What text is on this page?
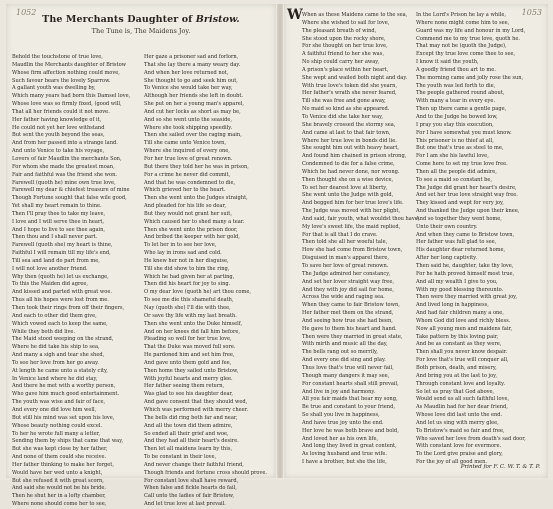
1052
The Merchants Daughter of Bristow.
The Tune is, The Maidens Joy.
Behold the touchstone of true love,
Maudlin the Merchants daughter of Bristow
Whose firm affection nothing could move,
Such favour bears the lovely Sparrow.
A gallant youth was dwelling by,
Which many years had born this Damsel love,
Whose love was so firmly fixed, (good will,
That all her friends could it not move.
Her father having knowledge of it,
He could not yet her love withstand
But sent the youth beyond the seas,
And from her passed into a strange land.
And unto Venice to take his voyage,
Lovers of fair Maudlin the merchants Son,
For whom she made the greatest moan,
Fair and faithful was the friend she won.
Farewell (quoth he) mine own true love,
Farewell my dear & chiefest treasure of mine
Though Fortune sought that false wile good,
Yet shall my heart remain to thine.
Then I'll pray thee to take my leave,
I love and I will serve thee in heart,
And I hope to live to see thee again,
Then thou and I shall never part.
Farewell (quoth she) my heart is thine,
Faithful I will remain till my life's end,
Till sea and land do part from me,
I will not love another friend.
Why then (quoth he) let us exchange,
To this the Maiden did agree,
And kissed and parted with great woe.
Thus all his hopes were lost from me.
Then took their rings from off their fingers,
And each to other did them give,
Which vowed each to keep the same,
While they both did live.
The Maid stood weeping on the strand,
Where he did take his ship to sea,
And many a sigh and tear she shed,
To see her love from her go away.
At length he came unto a stately city,
In Venice land where he did stay,
And there he met with a worthy person,
Who gave him much good entertainment.
The youth was wise and fair of face,
And every one did love him well,
But still his mind was set upon his love,
Whose beauty nothing could excel.
To her he wrote full many a letter,
Sending them by ships that came that way,
But she was kept close by her father,
And none of them could she receive.
Her father thinking to make her forget,
Would have her wed unto a knight,
But she refused it with great scorn,
And said she would not be his bride.
Then he shut her in a lofty chamber,
Where none should come her to see,
Her gaze a prisoner sad and forlorn,
That she lay there a many weary day.
And when her love returned not,
She thought to go and seek him out,
To Venice she would take her way,
Although her friends she left in doubt.
She put on her a young man's apparel,
And cut her locks as short as may be,
And so she went unto the seaside,
Where she took shipping speedily.
Then she sailed over the raging main,
Till she came unto Venice town,
Where she inquired of every one,
For her true love of great renown.
But there they told her he was in prison,
For a crime he never did commit,
And that he was condemned to die,
Which grieved her to the heart.
Then she went unto the Judges straight,
And pleaded for his life so dear,
But they would not grant her suit,
Which caused her to shed many a tear.
Then she went unto the prison door,
And bribed the keeper with her gold,
To let her in to see her love,
Who lay in irons sad and cold.
He knew her not in her disguise,
Till she did show to him the ring,
Which he had given her at parting,
Then did his heart for joy to sing.
O my dear love (quoth he) art thou come,
To see me die this shameful death,
Nay (quoth she) I'll die with thee,
Or save thy life with my last breath.
Then she went unto the Duke himself,
And on her knees did fall him before,
Pleading so well for her true love,
That the Duke was moved full sore.
He pardoned him and set him free,
And gave unto them gold and fee,
Then home they sailed unto Bristow,
With joyful hearts and merry glee.
Her father seeing them return,
Was glad to see his daughter dear,
And gave consent that they should wed,
Which was performed with merry cheer.
The bells did ring both far and near,
And all the town did them admire,
So ended all their grief and woe,
And they had all their heart's desire.
Then let all maidens learn by this,
To be constant in their love,
And never change their faithful friend,
Though friends and fortune cross should prove.
For constant love shall have reward,
When false and fickle hearts do fail,
Call unto the ladies of fair Bristow,
And let true love at last prevail.
1053
W When as these Maidens came to the sea,
Where she wished to sail for love,
The pleasant breath of wind,
She stood upon the rocky shore,
For she thought on her true love,
A faithful friend to her she was,
No ship could carry her away,
A prison's place within her heart,
She wept and wailed both night and day.
With true love's token did she yearn,
Her father's wrath she never feared,
Till she was free and gone away,
No maid so kind as she appeared.
To Venice did she take her way,
She bravely crossed the stormy sea,
And came at last to that fair town,
Where her true love in bonds did lie.
She sought him out with heavy heart,
And found him chained in prison strong,
Condemned to die for a false crime,
Which he had never done, nor wrong.
Then thought she on a wise device,
To set her dearest love at liberty,
She went unto the Judge with gold,
And begged him for her true love's life.
The Judge was moved with her plight,
And said, fair youth, what wouldst thou have,
My love's sweet life, the maid replied,
For that is all that I do crave.
Then told she all her woeful tale,
How she had come from Bristow town,
Disguised in man's apparel there,
To save her love of great renown.
The Judge admired her constancy,
And set her lover straight way free,
And they with joy did sail for home,
Across the wide and raging sea.
When they came to fair Bristow town,
Her father met them on the strand,
And seeing how true she had been,
He gave to them his heart and hand.
Then were they married in great state,
With mirth and music all the day,
The bells rang out so merrily,
And every one did sing and play.
Thus love that's true will never fail,
Though many dangers it may see,
For constant hearts shall still prevail,
And live in joy and harmony.
All you fair maids that hear my song,
Be true and constant to your friend,
So shall you live in happiness,
And have true joy unto the end.
Her love he was both brave and bold,
And loved her as his own life,
And long they lived in great content,
As loving husband and true wife.
I have a brother, but she the life,
In the Lord's Prison he lay a while,
Where none might come him to see,
Guard was my life and honour in my Lord,
Commend me to my true love, quoth he.
That may not be (quoth the Judge),
Except thy true love come thee to see,
I know it said the youth,
A goodly friend thou art to me.
The morning came and jolly rose the sun,
The youth was led forth to die,
The people gathered round about,
With many a tear in every eye.
Then up there came a gentle page,
And to the Judge he bowed low,
I pray you stay this execution,
For I have somewhat you must know.
This prisoner is no thief at all,
But one that's true as steel to me,
For I am she his lawful love,
Come here to set my true love free.
Then all the people did admire,
To see a maid so constant be,
The Judge did grant her heart's desire,
And set her true love straight way free.
They kissed and wept for very joy,
And thanked the Judge upon their knee,
And so together they went home,
Unto their own country.
And when they came to Bristow town,
Her father was full glad to see,
His daughter dear returned home,
After her long captivity.
Then said he, daughter, take thy love,
For he hath proved himself most true,
And all my wealth I give to you,
With my good blessing thereunto.
Then were they married with great joy,
And lived long in happiness,
And had fair children many a one,
Whom God did love and richly bless.
Now all young men and maidens fair,
Take pattern by this loving pair,
And be as constant as they were,
Then shall you never know despair.
For love that's true will conquer all,
Both prison, death, and misery,
And bring you at the last to joy,
Through constant love and loyalty.
So let us pray that God above,
Would send us all such faithful love,
As Maudlin had for her dear friend,
Whose love did last unto the end.
And let us sing with merry glee,
To Bristow's maid so fair and free,
Who saved her love from death's sad door,
With constant love for evermore.
To the Lord give praise and glory,
For the joy of all good men.
Printed for F. C. W. T. & T. P.
